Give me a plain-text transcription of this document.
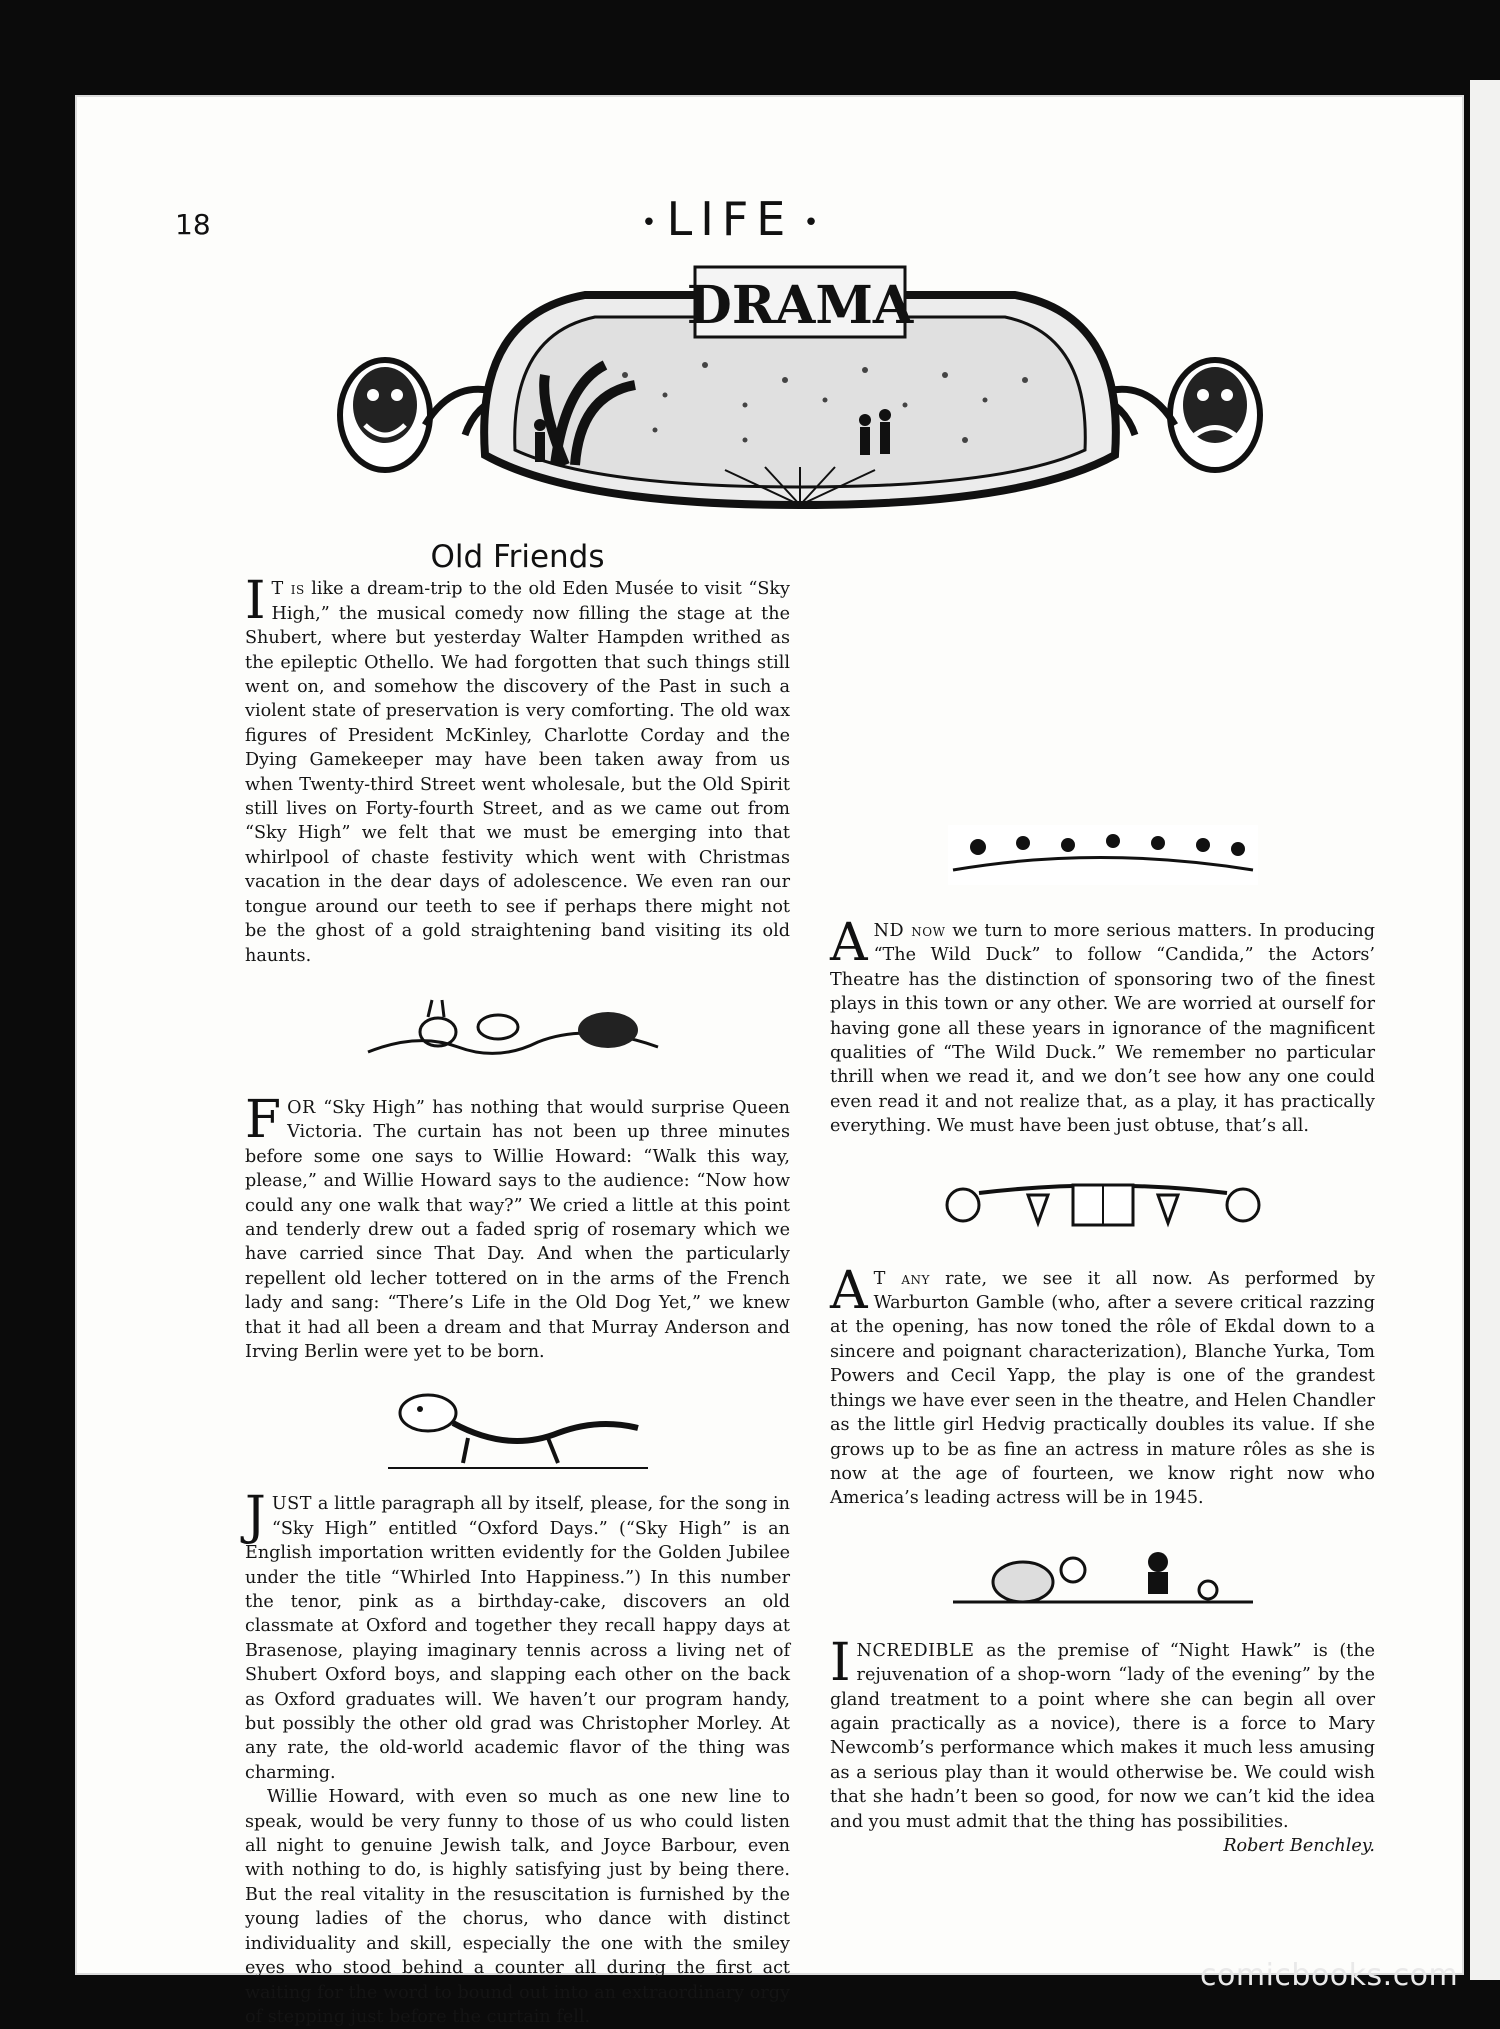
18	• LIFE •
DRAMA
Old Friends

I T is like a dream-trip to the old Eden Musée to visit “Sky High,” the musical comedy now filling the stage at the Shubert, where but yesterday Walter Hampden writhed as the epileptic Othello. We had forgotten that such things still went on, and somehow the discovery of the Past in such a violent state of preservation is very comforting. The old wax figures of President McKinley, Charlotte Corday and the Dying Gamekeeper may have been taken away from us when Twenty-third Street went wholesale, but the Old Spirit still lives on Forty-fourth Street, and as we came out from “Sky High” we felt that we must be emerging into that whirlpool of chaste festivity which went with Christmas vacation in the dear days of adolescence. We even ran our tongue around our teeth to see if perhaps there might not be the ghost of a gold straightening band visiting its old haunts.

FOR “Sky High” has nothing that would surprise Queen Victoria. The curtain has not been up three minutes before some one says to Willie Howard: “Walk this way, please,” and Willie Howard says to the audience: “Now how could any one walk that way?” We cried a little at this point and tenderly drew out a faded sprig of rosemary which we have carried since That Day. And when the particularly repellent old lecher tottered on in the arms of the French lady and sang: “There’s Life in the Old Dog Yet,” we knew that it had all been a dream and that Murray Anderson and Irving Berlin were yet to be born.

JUST a little paragraph all by itself, please, for the song in “Sky High” entitled “Oxford Days.” (“Sky High” is an English importation written evidently for the Golden Jubilee under the title “Whirled Into Happiness.”) In this number the tenor, pink as a birthday-cake, discovers an old classmate at Oxford and together they recall happy days at Brasenose, playing imaginary tennis across a living net of Shubert Oxford boys, and slapping each other on the back as Oxford graduates will. We haven’t our program handy, but possibly the other old grad was Christopher Morley. At any rate, the old-world academic flavor of the thing was charming.

Willie Howard, with even so much as one new line to speak, would be very funny to those of us who could listen all night to genuine Jewish talk, and Joyce Barbour, even with nothing to do, is highly satisfying just by being there. But the real vitality in the resuscitation is furnished by the young ladies of the chorus, who dance with distinct individuality and skill, especially the one with the smiley eyes who stood behind a counter all during the first act waiting for the word to bound out into an extraordinary orgy of stepping just before the curtain fell.

AND now we turn to more serious matters. In producing “The Wild Duck” to follow “Candida,” the Actors’ Theatre has the distinction of sponsoring two of the finest plays in this town or any other. We are worried at ourself for having gone all these years in ignorance of the magnificent qualities of “The Wild Duck.” We remember no particular thrill when we read it, and we don’t see how any one could even read it and not realize that, as a play, it has practically everything. We must have been just obtuse, that’s all.

A T any rate, we see it all now. As performed by Warburton Gamble (who, after a severe critical razzing at the opening, has now toned the rôle of Ekdal down to a sincere and poignant characterization), Blanche Yurka, Tom Powers and Cecil Yapp, the play is one of the grandest things we have ever seen in the theatre, and Helen Chandler as the little girl Hedvig practically doubles its value. If she grows up to be as fine an actress in mature rôles as she is now at the age of fourteen, we know right now who America’s leading actress will be in 1945.

INCREDIBLE as the premise of “Night Hawk” is (the rejuvenation of a shop-worn “lady of the evening” by the gland treatment to a point where she can begin all over again practically as a novice), there is a force to Mary Newcomb’s performance which makes it much less amusing as a serious play than it would otherwise be. We could wish that she hadn’t been so good, for now we can’t kid the idea and you must admit that the thing has possibilities.
Robert Benchley.

comicbooks.com
